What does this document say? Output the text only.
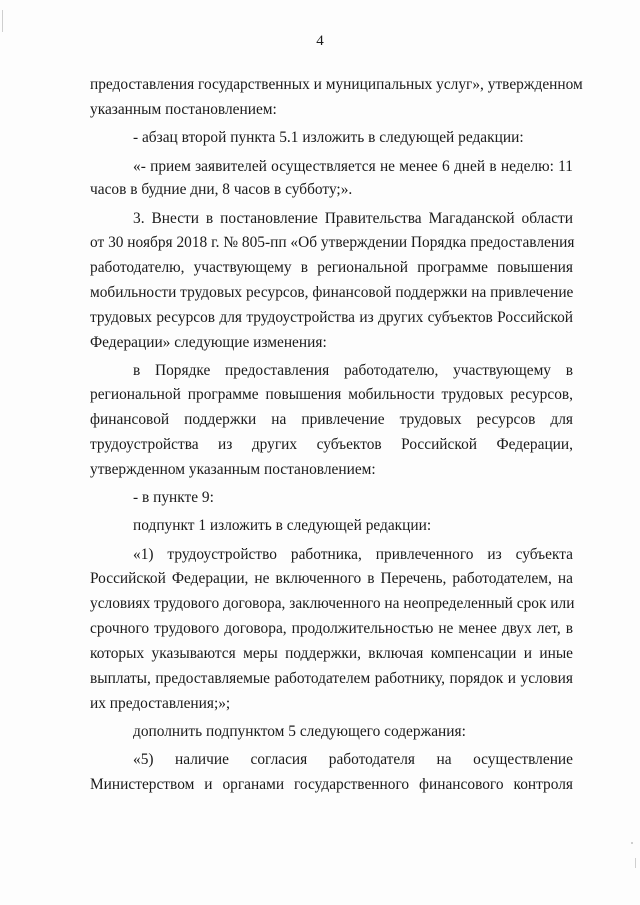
4
предоставления государственных и муниципальных услуг», утвержденном
указанным постановлением:
- абзац второй пункта 5.1 изложить в следующей редакции:
«- прием заявителей осуществляется не менее 6 дней в неделю: 11
часов в будние дни, 8 часов в субботу;».
3. Внести в постановление Правительства Магаданской области
от 30 ноября 2018 г. № 805-пп «Об утверждении Порядка предоставления
работодателю, участвующему в региональной программе повышения
мобильности трудовых ресурсов, финансовой поддержки на привлечение
трудовых ресурсов для трудоустройства из других субъектов Российской
Федерации» следующие изменения:
в Порядке предоставления работодателю, участвующему в
региональной программе повышения мобильности трудовых ресурсов,
финансовой поддержки на привлечение трудовых ресурсов для
трудоустройства из других субъектов Российской Федерации,
утвержденном указанным постановлением:
- в пункте 9:
подпункт 1 изложить в следующей редакции:
«1) трудоустройство работника, привлеченного из субъекта
Российской Федерации, не включенного в Перечень, работодателем, на
условиях трудового договора, заключенного на неопределенный срок или
срочного трудового договора, продолжительностью не менее двух лет, в
которых указываются меры поддержки, включая компенсации и иные
выплаты, предоставляемые работодателем работнику, порядок и условия
их предоставления;»;
дополнить подпунктом 5 следующего содержания:
«5) наличие согласия работодателя на осуществление
Министерством и органами государственного финансового контроля
